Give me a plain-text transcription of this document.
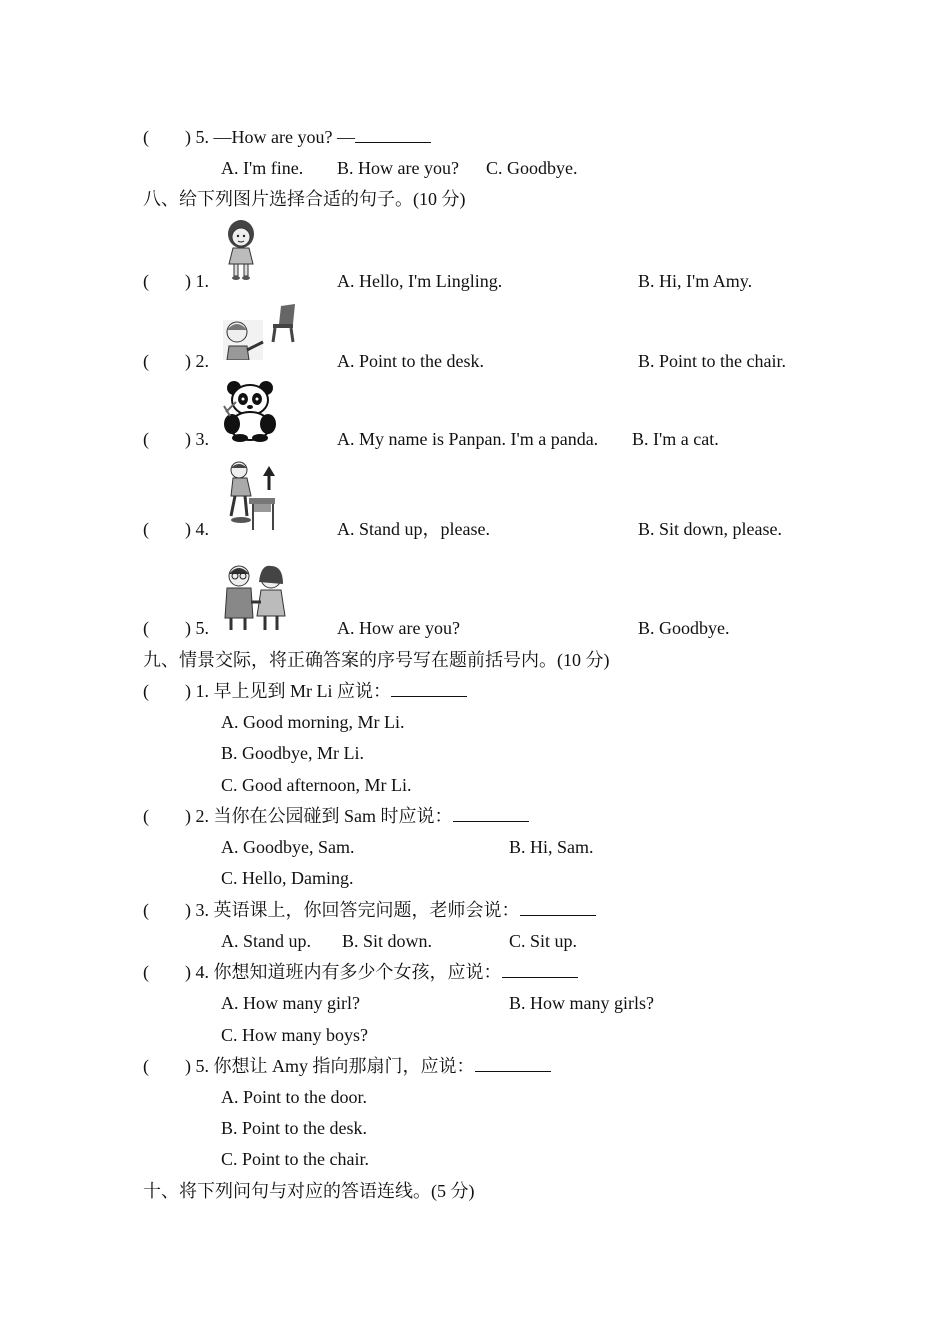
(        ) 5. —How are you? —
A. I'm fine. B. How are you? C. Goodbye.
八、给下列图片选择合适的句子。(10 分)
(        ) 1.	A. Hello, I'm Lingling.	B. Hi, I'm Amy.
(        ) 2.	A. Point to the desk.	B. Point to the chair.
(        ) 3.	A. My name is Panpan. I'm a panda. B. I'm a cat.
(        ) 4.	A. Stand up，please.	B. Sit down, please.
(        ) 5.	A. How are you?	B. Goodbye.
九、情景交际，将正确答案的序号写在题前括号内。(10 分)
(        ) 1. 早上见到 Mr Li 应说：
A. Good morning, Mr Li.
B. Goodbye, Mr Li.
C. Good afternoon, Mr Li.
(        ) 2. 当你在公园碰到 Sam 时应说：
A. Goodbye, Sam.	B. Hi, Sam.
C. Hello, Daming.
(        ) 3. 英语课上，你回答完问题，老师会说：
A. Stand up. B. Sit down.	C. Sit up.
(        ) 4. 你想知道班内有多少个女孩，应说：
A. How many girl?	B. How many girls?
C. How many boys?
(        ) 5. 你想让 Amy 指向那扇门，应说：
A. Point to the door.
B. Point to the desk.
C. Point to the chair.
十、将下列问句与对应的答语连线。(5 分)
